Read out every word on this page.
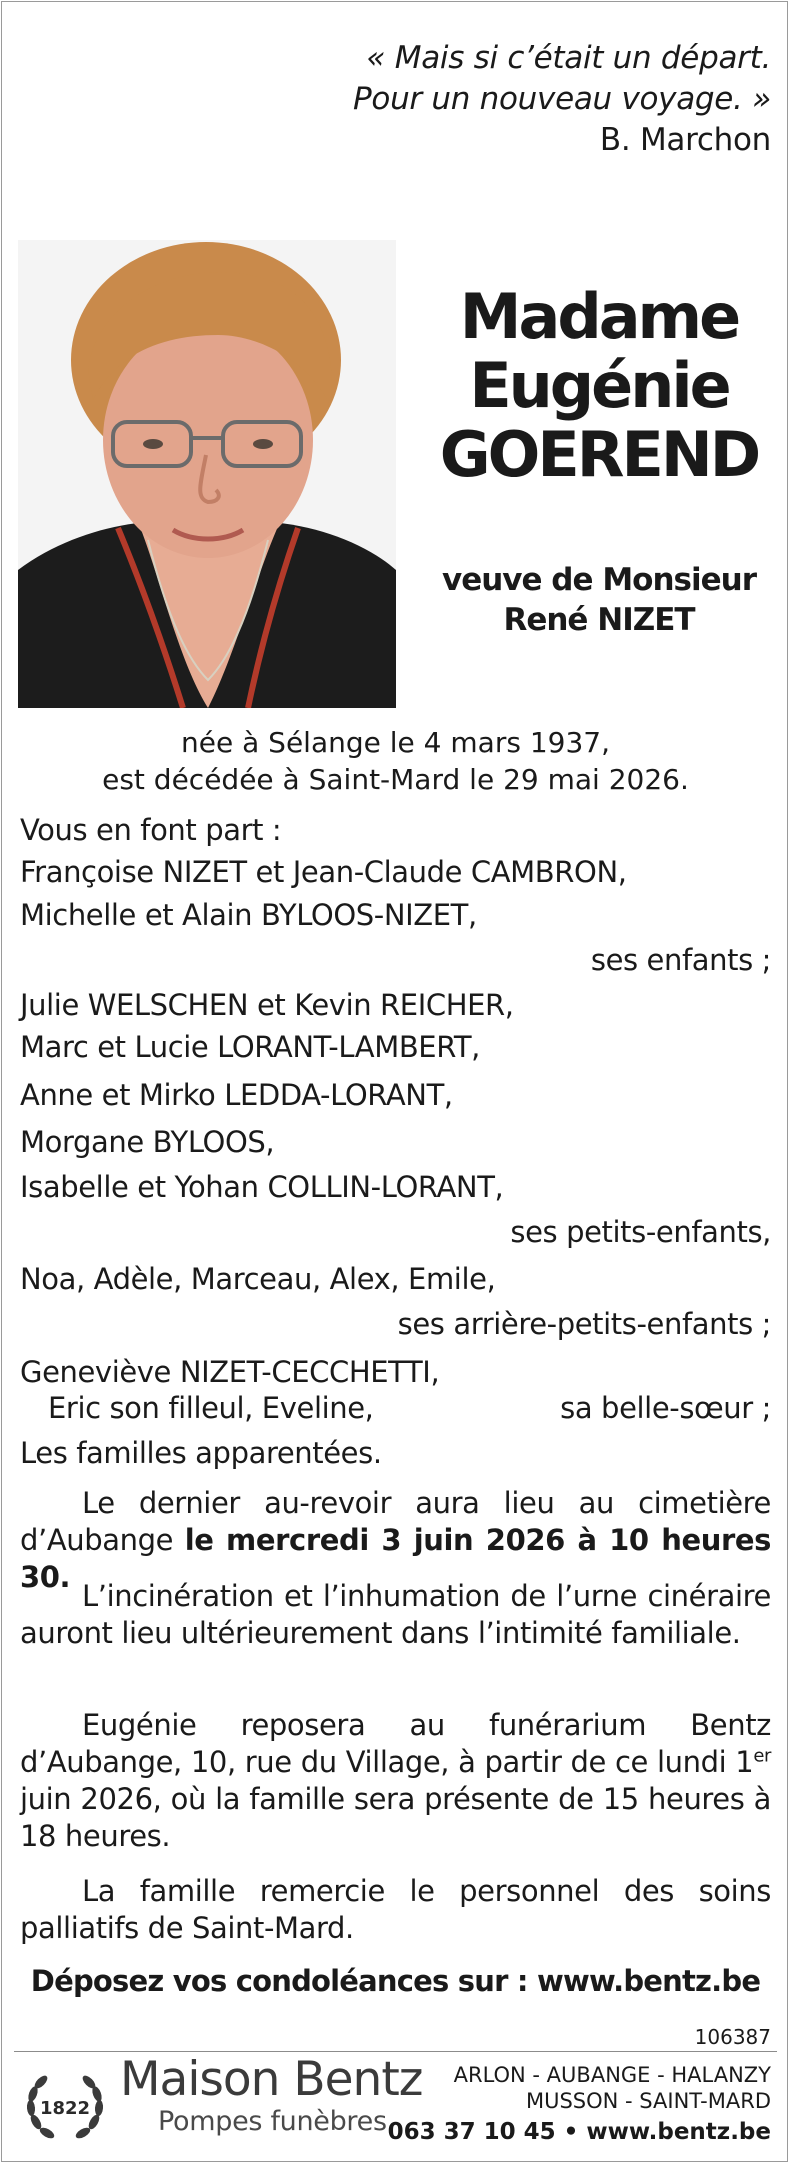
« Mais si c’était un départ.
Pour un nouveau voyage. »
B. Marchon
Madame
Eugénie
GOEREND
veuve de Monsieur
René NIZET
née à Sélange le 4 mars 1937,
est décédée à Saint-Mard le 29 mai 2026.
Vous en font part :
Françoise NIZET et Jean-Claude CAMBRON,
Michelle et Alain BYLOOS-NIZET,
ses enfants ;
Julie WELSCHEN et Kevin REICHER,
Marc et Lucie LORANT-LAMBERT,
Anne et Mirko LEDDA-LORANT,
Morgane BYLOOS,
Isabelle et Yohan COLLIN-LORANT,
ses petits-enfants,
Noa, Adèle, Marceau, Alex, Emile,
ses arrière-petits-enfants ;
Geneviève NIZET-CECCHETTI,
Eric son filleul, Eveline,	sa belle-sœur ;
Les familles apparentées.
Le dernier au-revoir aura lieu au cimetière d’Aubange le mercredi 3 juin 2026 à 10 heures 30.
L’incinération et l’inhumation de l’urne cinéraire auront lieu ultérieurement dans l’intimité familiale.
Eugénie reposera au funérarium Bentz d’Aubange, 10, rue du Village, à partir de ce lundi 1er juin 2026, où la famille sera présente de 15 heures à 18 heures.
La famille remercie le personnel des soins palliatifs de Saint-Mard.
Déposez vos condoléances sur : www.bentz.be
106387
1822
Maison Bentz
Pompes funèbres
ARLON - AUBANGE - HALANZY
MUSSON - SAINT-MARD
063 37 10 45 • www.bentz.be
